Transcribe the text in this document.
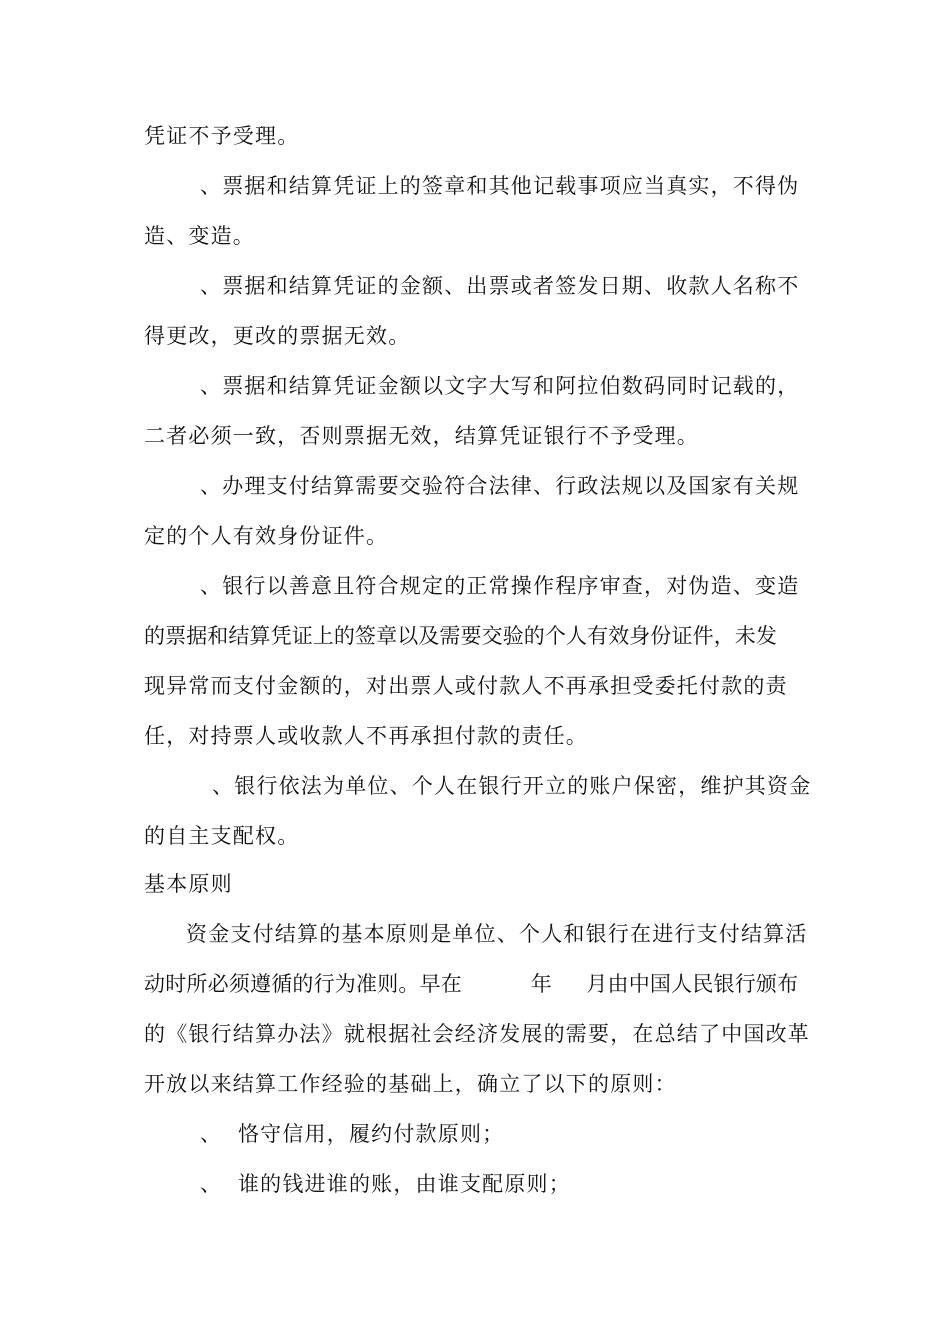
凭证不予受理。
、票据和结算凭证上的签章和其他记载事项应当真实，不得伪
造、变造。
、票据和结算凭证的金额、出票或者签发日期、收款人名称不
得更改，更改的票据无效。
、票据和结算凭证金额以文字大写和阿拉伯数码同时记载的，
二者必须一致，否则票据无效，结算凭证银行不予受理。
、办理支付结算需要交验符合法律、行政法规以及国家有关规
定的个人有效身份证件。
、银行以善意且符合规定的正常操作程序审查，对伪造、变造
的票据和结算凭证上的签章以及需要交验的个人有效身份证件，未发
现异常而支付金额的，对出票人或付款人不再承担受委托付款的责
任，对持票人或收款人不再承担付款的责任。
、银行依法为单位、个人在银行开立的账户保密，维护其资金
的自主支配权。
基本原则
资金支付结算的基本原则是单位、个人和银行在进行支付结算活
动时所必须遵循的行为准则。早在          年     月由中国人民银行颁布
的《银行结算办法》就根据社会经济发展的需要，在总结了中国改革
开放以来结算工作经验的基础上，确立了以下的原则：
、  恪守信用，履约付款原则；
、  谁的钱进谁的账，由谁支配原则；
